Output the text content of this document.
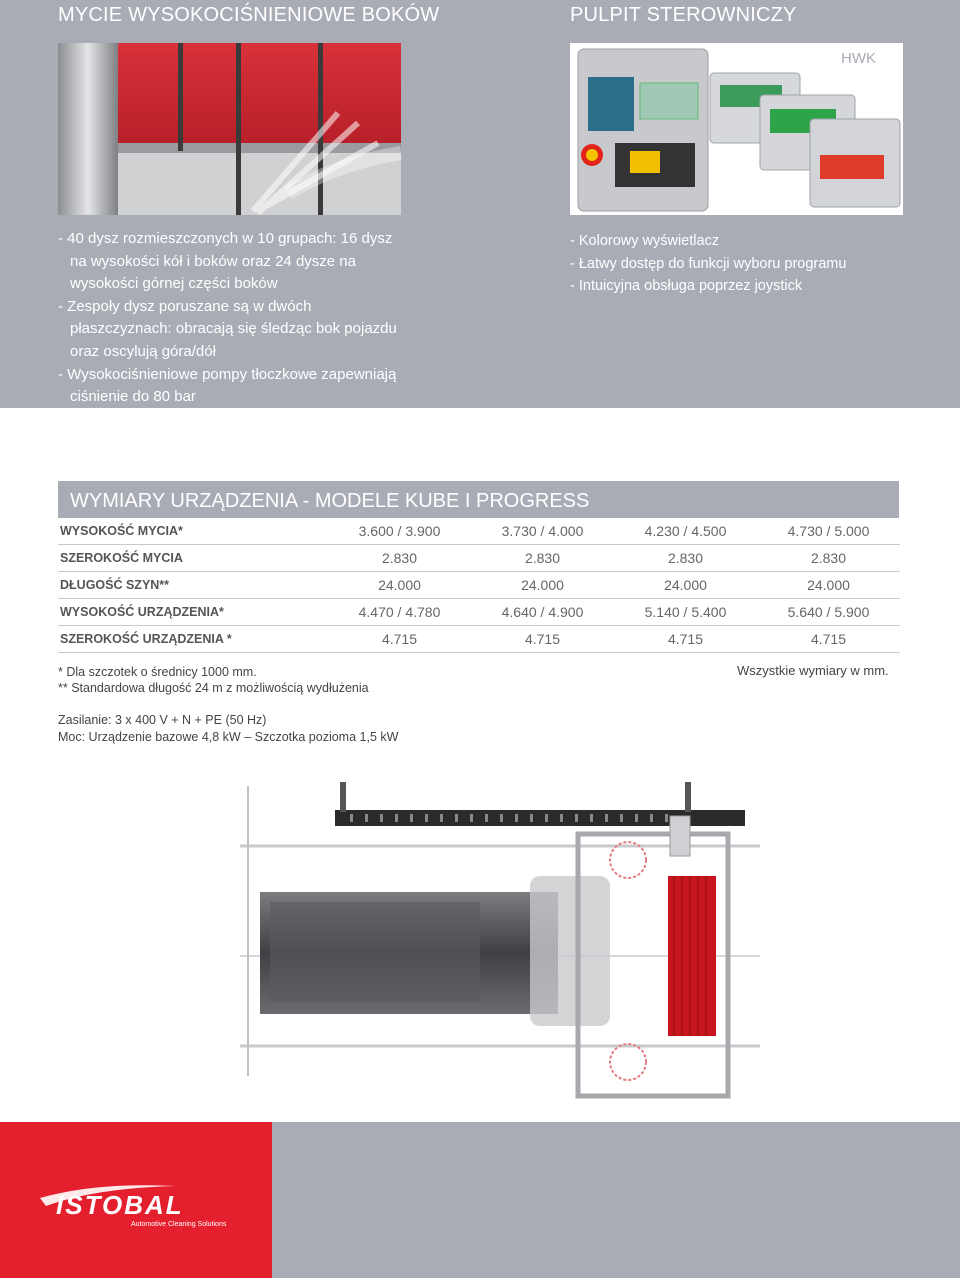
MYCIE WYSOKOCIŚNIENIOWE BOKÓW	PULPIT STEROWNICZY
HWK
- 40 dysz rozmieszczonych w 10 grupach: 16 dysz na wysokości kół i boków oraz 24 dysze na wysokości górnej części boków
- Zespoły dysz poruszane są w dwóch płaszczyznach: obracają się śledząc bok pojazdu oraz oscylują góra/dół
- Wysokociśnieniowe pompy tłoczkowe zapewniają ciśnienie do 80 bar
- Kolorowy wyświetlacz
- Łatwy dostęp do funkcji wyboru programu
- Intuicyjna obsługa poprzez joystick
WYMIARY URZĄDZENIA - MODELE KUBE I PROGRESS
WYSOKOŚĆ MYCIA*	3.600 / 3.900	3.730 / 4.000	4.230 / 4.500	4.730 / 5.000
SZEROKOŚĆ MYCIA	2.830	2.830	2.830	2.830
DŁUGOŚĆ SZYN**	24.000	24.000	24.000	24.000
WYSOKOŚĆ URZĄDZENIA*	4.470 / 4.780	4.640 / 4.900	5.140 / 5.400	5.640 / 5.900
SZEROKOŚĆ URZĄDZENIA *	4.715	4.715	4.715	4.715
* Dla szczotek o średnicy 1000 mm.
** Standardowa długość 24 m z możliwością wydłużenia
Wszystkie wymiary w mm.
Zasilanie: 3 x 400 V + N + PE (50 Hz)
Moc: Urządzenie bazowe 4,8 kW – Szczotka pozioma 1,5 kW
ISTOBAL
Automotive Cleaning Solutions
